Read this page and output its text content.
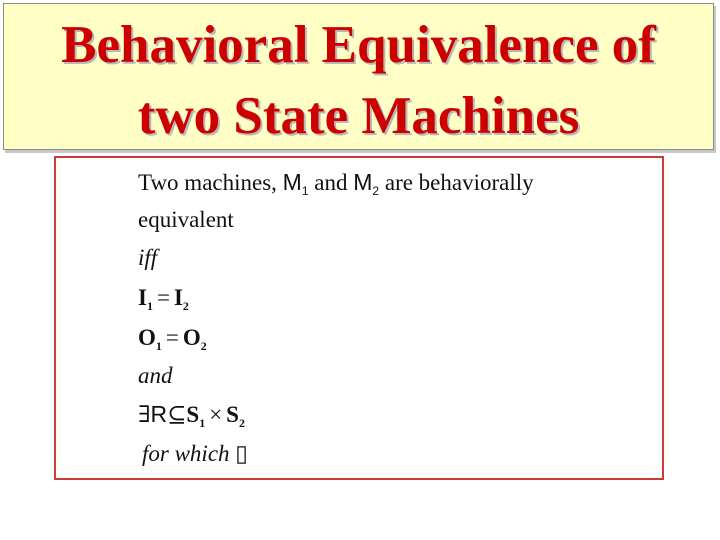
Behavioral Equivalence of
two State Machines
Two machines, $M_1$ and $M_2$ are behaviorally
equivalent
iff
$I_1 = I_2$
$O_1 = O_2$
and
$\exists R⊆S_1 \times S_2$
for which ▯
